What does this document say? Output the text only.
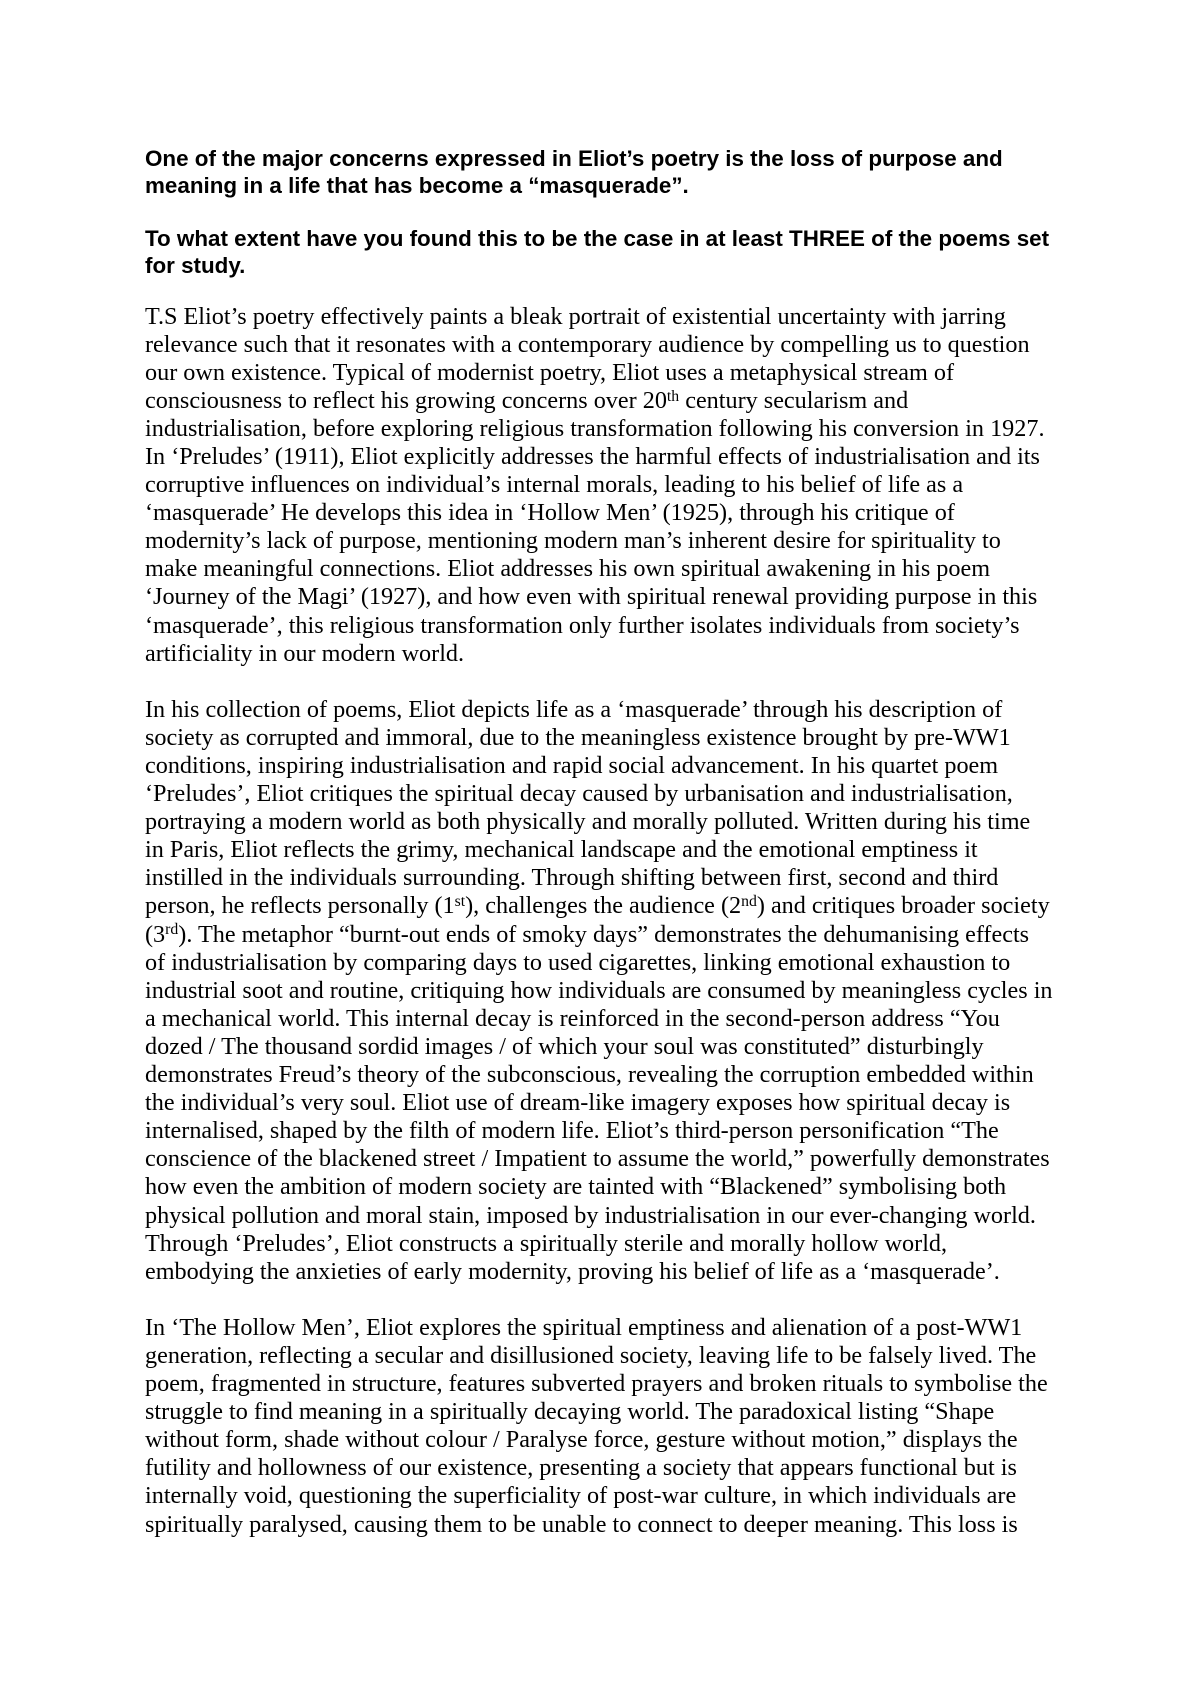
One of the major concerns expressed in Eliot’s poetry is the loss of purpose and
meaning in a life that has become a “masquerade”.
To what extent have you found this to be the case in at least THREE of the poems set
for study.
T.S Eliot’s poetry effectively paints a bleak portrait of existential uncertainty with jarring
relevance such that it resonates with a contemporary audience by compelling us to question
our own existence. Typical of modernist poetry, Eliot uses a metaphysical stream of
consciousness to reflect his growing concerns over 20th century secularism and
industrialisation, before exploring religious transformation following his conversion in 1927.
In ‘Preludes’ (1911), Eliot explicitly addresses the harmful effects of industrialisation and its
corruptive influences on individual’s internal morals, leading to his belief of life as a
‘masquerade’ He develops this idea in ‘Hollow Men’ (1925), through his critique of
modernity’s lack of purpose, mentioning modern man’s inherent desire for spirituality to
make meaningful connections. Eliot addresses his own spiritual awakening in his poem
‘Journey of the Magi’ (1927), and how even with spiritual renewal providing purpose in this
‘masquerade’, this religious transformation only further isolates individuals from society’s
artificiality in our modern world.
In his collection of poems, Eliot depicts life as a ‘masquerade’ through his description of
society as corrupted and immoral, due to the meaningless existence brought by pre-WW1
conditions, inspiring industrialisation and rapid social advancement. In his quartet poem
‘Preludes’, Eliot critiques the spiritual decay caused by urbanisation and industrialisation,
portraying a modern world as both physically and morally polluted. Written during his time
in Paris, Eliot reflects the grimy, mechanical landscape and the emotional emptiness it
instilled in the individuals surrounding. Through shifting between first, second and third
person, he reflects personally (1st), challenges the audience (2nd) and critiques broader society
(3rd). The metaphor “burnt-out ends of smoky days” demonstrates the dehumanising effects
of industrialisation by comparing days to used cigarettes, linking emotional exhaustion to
industrial soot and routine, critiquing how individuals are consumed by meaningless cycles in
a mechanical world. This internal decay is reinforced in the second-person address “You
dozed / The thousand sordid images / of which your soul was constituted” disturbingly
demonstrates Freud’s theory of the subconscious, revealing the corruption embedded within
the individual’s very soul. Eliot use of dream-like imagery exposes how spiritual decay is
internalised, shaped by the filth of modern life. Eliot’s third-person personification “The
conscience of the blackened street / Impatient to assume the world,” powerfully demonstrates
how even the ambition of modern society are tainted with “Blackened” symbolising both
physical pollution and moral stain, imposed by industrialisation in our ever-changing world.
Through ‘Preludes’, Eliot constructs a spiritually sterile and morally hollow world,
embodying the anxieties of early modernity, proving his belief of life as a ‘masquerade’.
In ‘The Hollow Men’, Eliot explores the spiritual emptiness and alienation of a post-WW1
generation, reflecting a secular and disillusioned society, leaving life to be falsely lived. The
poem, fragmented in structure, features subverted prayers and broken rituals to symbolise the
struggle to find meaning in a spiritually decaying world. The paradoxical listing “Shape
without form, shade without colour / Paralyse force, gesture without motion,” displays the
futility and hollowness of our existence, presenting a society that appears functional but is
internally void, questioning the superficiality of post-war culture, in which individuals are
spiritually paralysed, causing them to be unable to connect to deeper meaning. This loss is
